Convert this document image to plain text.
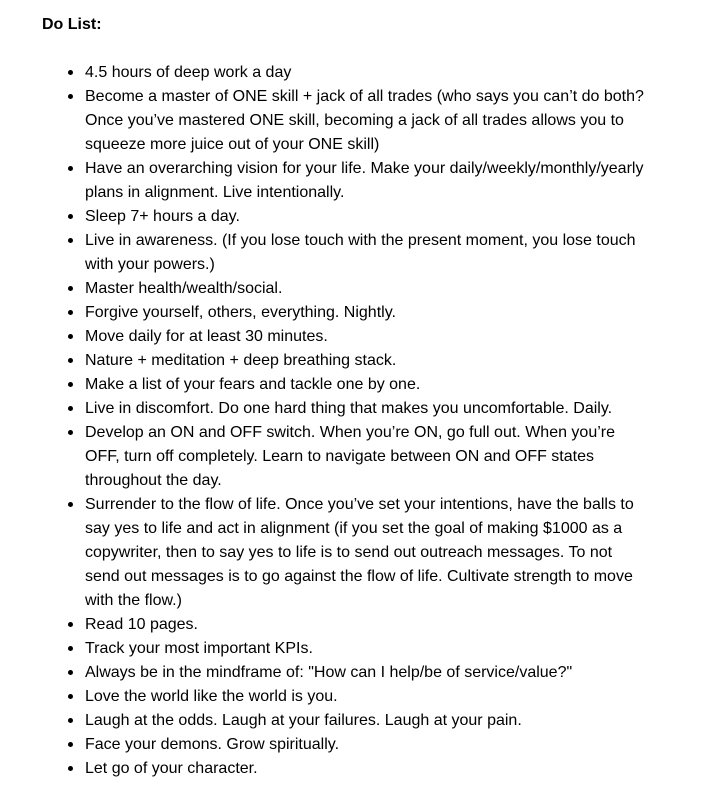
Do List:
4.5 hours of deep work a day
Become a master of ONE skill + jack of all trades (who says you can’t do both? Once you’ve mastered ONE skill, becoming a jack of all trades allows you to squeeze more juice out of your ONE skill)
Have an overarching vision for your life. Make your daily/weekly/monthly/yearly plans in alignment. Live intentionally.
Sleep 7+ hours a day.
Live in awareness. (If you lose touch with the present moment, you lose touch with your powers.)
Master health/wealth/social.
Forgive yourself, others, everything. Nightly.
Move daily for at least 30 minutes.
Nature + meditation + deep breathing stack.
Make a list of your fears and tackle one by one.
Live in discomfort. Do one hard thing that makes you uncomfortable. Daily.
Develop an ON and OFF switch. When you’re ON, go full out. When you’re OFF, turn off completely. Learn to navigate between ON and OFF states throughout the day.
Surrender to the flow of life. Once you’ve set your intentions, have the balls to say yes to life and act in alignment (if you set the goal of making $1000 as a copywriter, then to say yes to life is to send out outreach messages. To not send out messages is to go against the flow of life. Cultivate strength to move with the flow.)
Read 10 pages.
Track your most important KPIs.
Always be in the mindframe of: "How can I help/be of service/value?"
Love the world like the world is you.
Laugh at the odds. Laugh at your failures. Laugh at your pain.
Face your demons. Grow spiritually.
Let go of your character.
